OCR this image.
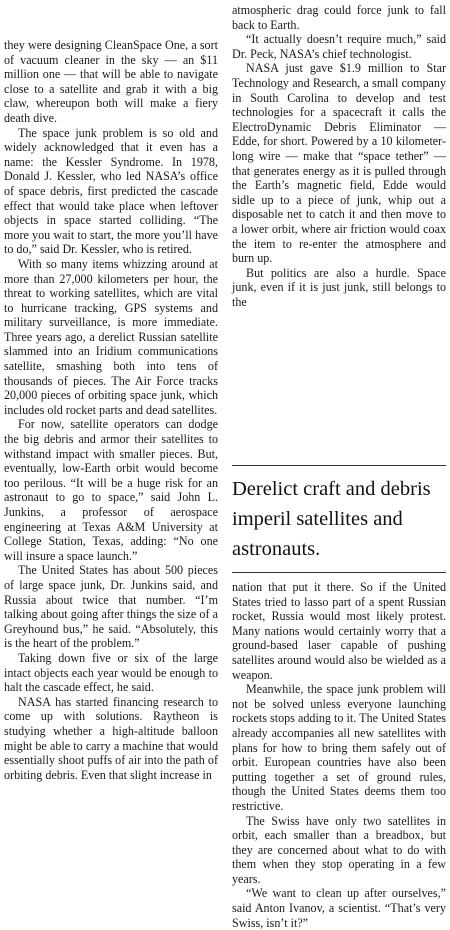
they were designing CleanSpace One, a sort of vacuum cleaner in the sky — an $11 million one — that will be able to navigate close to a satellite and grab it with a big claw, whereupon both will make a fiery death dive.

The space junk problem is so old and widely acknowledged that it even has a name: the Kessler Syndrome. In 1978, Donald J. Kessler, who led NASA’s office of space debris, first predicted the cascade effect that would take place when leftover objects in space started colliding. “The more you wait to start, the more you’ll have to do,” said Dr. Kessler, who is retired.

With so many items whizzing around at more than 27,000 kilometers per hour, the threat to working satellites, which are vital to hurricane tracking, GPS systems and military surveillance, is more immediate. Three years ago, a derelict Russian satellite slammed into an Iridium communications satellite, smashing both into tens of thousands of pieces. The Air Force tracks 20,000 pieces of orbiting space junk, which includes old rocket parts and dead satellites.

For now, satellite operators can dodge the big debris and armor their satellites to withstand impact with smaller pieces. But, eventually, low-Earth orbit would become too perilous. “It will be a huge risk for an astronaut to go to space,” said John L. Junkins, a professor of aerospace engineering at Texas A&M University at College Station, Texas, adding: “No one will insure a space launch.”

The United States has about 500 pieces of large space junk, Dr. Junkins said, and Russia about twice that number. “I’m talking about going after things the size of a Greyhound bus,” he said. “Absolutely, this is the heart of the problem.”

Taking down five or six of the large intact objects each year would be enough to halt the cascade effect, he said.

NASA has started financing research to come up with solutions. Raytheon is studying whether a high-altitude balloon might be able to carry a machine that would essentially shoot puffs of air into the path of orbiting debris. Even that slight increase in

atmospheric drag could force junk to fall back to Earth.

“It actually doesn’t require much,” said Dr. Peck, NASA’s chief technologist.

NASA just gave $1.9 million to Star Technology and Research, a small company in South Carolina to develop and test technologies for a spacecraft it calls the ElectroDynamic Debris Eliminator — Edde, for short. Powered by a 10 kilometer-long wire — make that “space tether” — that generates energy as it is pulled through the Earth’s magnetic field, Edde would sidle up to a piece of junk, whip out a disposable net to catch it and then move to a lower orbit, where air friction would coax the item to re-enter the atmosphere and burn up.

But politics are also a hurdle. Space junk, even if it is just junk, still belongs to the

Derelict craft and debris imperil satellites and astronauts.

nation that put it there. So if the United States tried to lasso part of a spent Russian rocket, Russia would most likely protest. Many nations would certainly worry that a ground-based laser capable of pushing satellites around would also be wielded as a weapon.

Meanwhile, the space junk problem will not be solved unless everyone launching rockets stops adding to it. The United States already accompanies all new satellites with plans for how to bring them safely out of orbit. European countries have also been putting together a set of ground rules, though the United States deems them too restrictive.

The Swiss have only two satellites in orbit, each smaller than a breadbox, but they are concerned about what to do with them when they stop operating in a few years.

“We want to clean up after ourselves,” said Anton Ivanov, a scientist. “That’s very Swiss, isn’t it?”
